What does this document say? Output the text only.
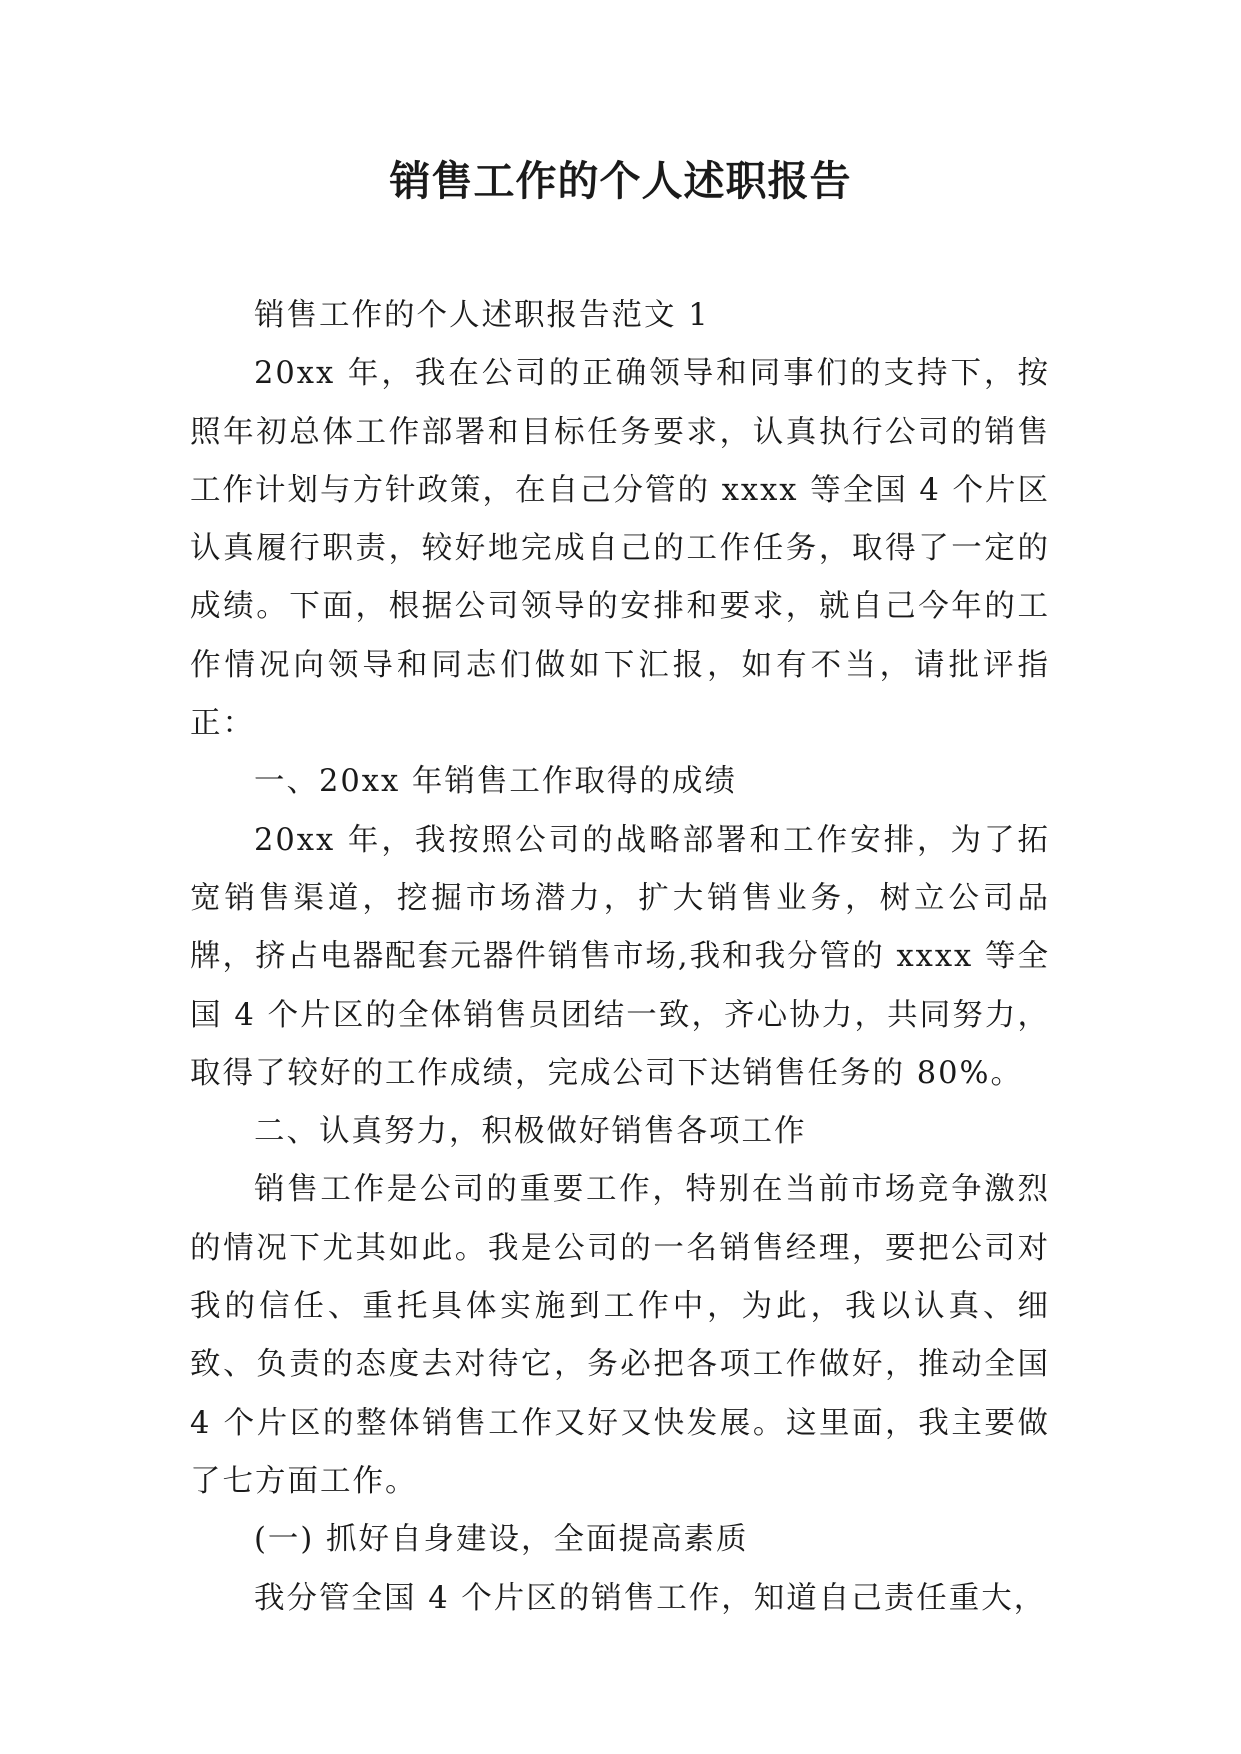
销售工作的个人述职报告

销售工作的个人述职报告范文 1

20xx 年，我在公司的正确领导和同事们的支持下，按照年初总体工作部署和目标任务要求，认真执行公司的销售工作计划与方针政策，在自己分管的 xxxx 等全国 4 个片区认真履行职责，较好地完成自己的工作任务，取得了一定的成绩。下面，根据公司领导的安排和要求，就自己今年的工作情况向领导和同志们做如下汇报，如有不当，请批评指正：

一、20xx 年销售工作取得的成绩

20xx 年，我按照公司的战略部署和工作安排，为了拓宽销售渠道，挖掘市场潜力，扩大销售业务，树立公司品牌，挤占电器配套元器件销售市场,我和我分管的 xxxx 等全国 4 个片区的全体销售员团结一致，齐心协力，共同努力，取得了较好的工作成绩，完成公司下达销售任务的 80%。

二、认真努力，积极做好销售各项工作

销售工作是公司的重要工作，特别在当前市场竞争激烈的情况下尤其如此。我是公司的一名销售经理，要把公司对我的信任、重托具体实施到工作中，为此，我以认真、细致、负责的态度去对待它，务必把各项工作做好，推动全国 4 个片区的整体销售工作又好又快发展。这里面，我主要做了七方面工作。

(一) 抓好自身建设，全面提高素质

我分管全国 4 个片区的销售工作，知道自己责任重大，
